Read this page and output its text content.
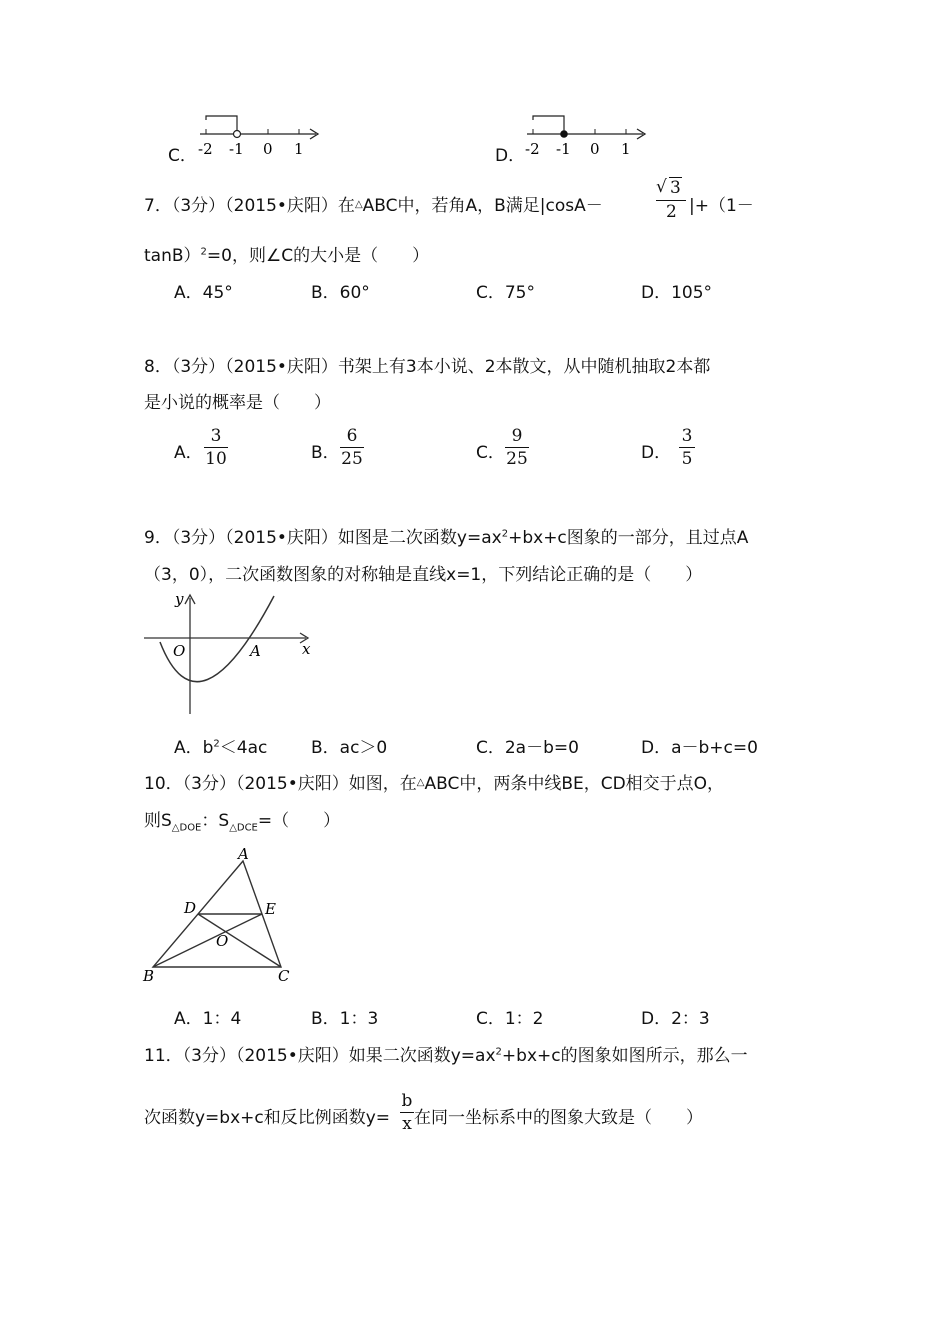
C． -2 -1 0 1	D． -2 -1 0 1
7．（3分）（2015•庆阳）在△ABC中，若角A，B满足|cosA－
√ 3
2 |+（1－
tanB）$^2$=0，则∠C的大小是（　　）
A．45°	B．60°	C．75°	D．105°
8．（3分）（2015•庆阳）书架上有3本小说、2本散文，从中随机抽取2本都
是小说的概率是（　　）
A．
3
10	B．
6
25	C．
9
25	D．
3
5
9．（3分）（2015•庆阳）如图是二次函数$y=ax^2+bx+c$图象的一部分，且过点A
（3，0），二次函数图象的对称轴是直线x=1，下列结论正确的是（　　）
y
x
O	A
A．$b^2<4ac$	B．ac＞0	C．2a－b=0	D．a－b+c=0
10．（3分）（2015•庆阳）如图，在△ABC中，两条中线BE，CD相交于点O，
则$S_{\triangle DOE}$：$S_{\triangle DCE}=$（　　）
A
B	C
D	E
O
A．1：4	B．1：3	C．1：2	D．2：3
11．（3分）（2015•庆阳）如果二次函数$y=ax^2+bx+c$的图象如图所示，那么一
次函数y=bx+c和反比例函数y=
b
x 在同一坐标系中的图象大致是（　　）
